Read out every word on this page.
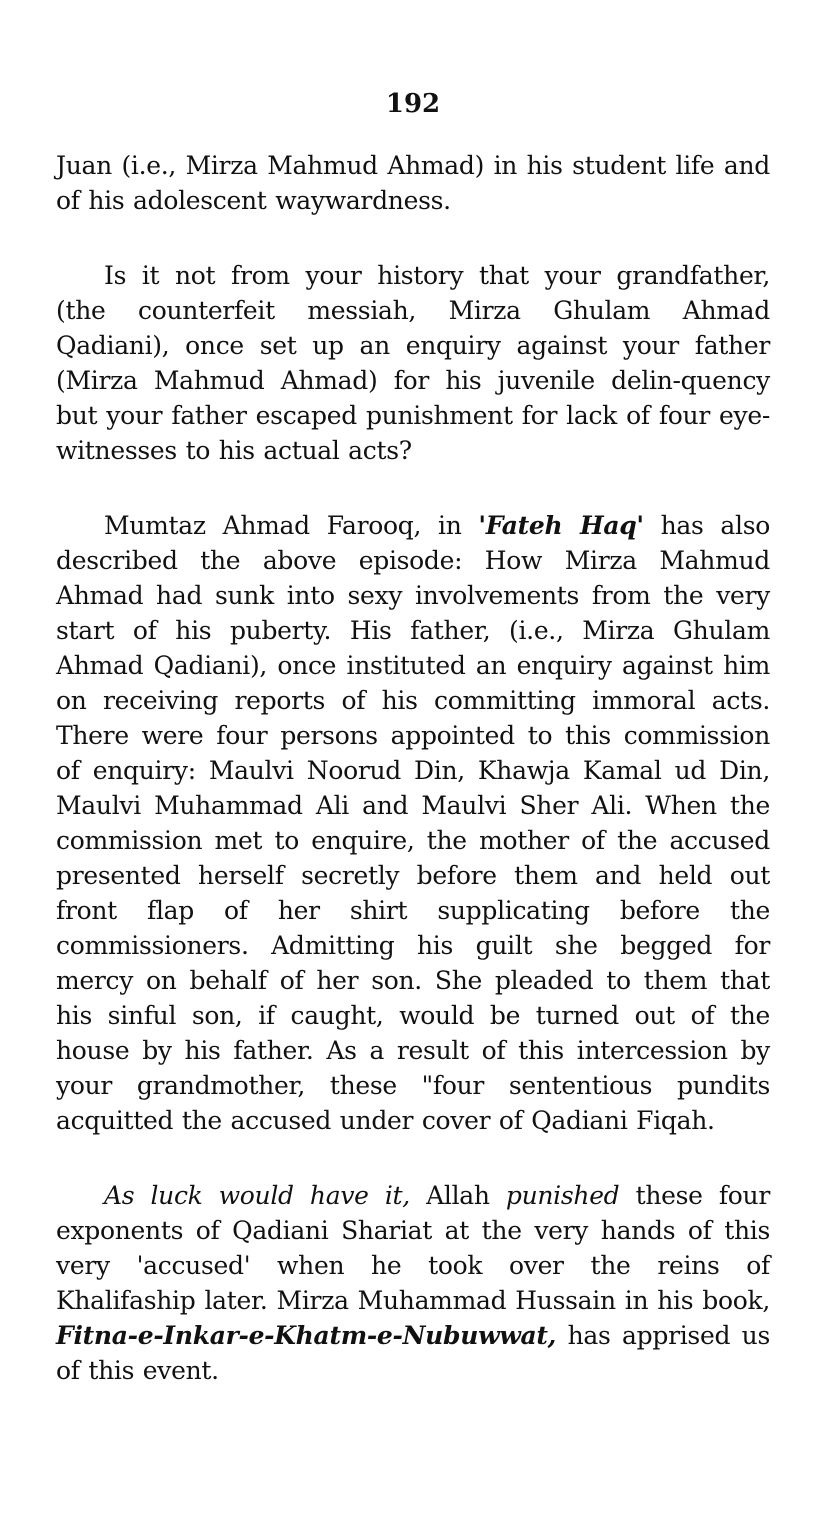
192

Juan (i.e., Mirza Mahmud Ahmad) in his student life and of his adolescent waywardness.

Is it not from your history that your grandfather, (the counterfeit messiah, Mirza Ghulam Ahmad Qadiani), once set up an enquiry against your father (Mirza Mahmud Ahmad) for his juvenile delin-quency but your father escaped punishment for lack of four eye-witnesses to his actual acts?

Mumtaz Ahmad Farooq, in 'Fateh Haq' has also described the above episode: How Mirza Mahmud Ahmad had sunk into sexy involvements from the very start of his puberty. His father, (i.e., Mirza Ghulam Ahmad Qadiani), once instituted an enquiry against him on receiving reports of his committing immoral acts. There were four persons appointed to this commission of enquiry: Maulvi Noorud Din, Khawja Kamal ud Din, Maulvi Muhammad Ali and Maulvi Sher Ali. When the commission met to enquire, the mother of the accused presented herself secretly before them and held out front flap of her shirt supplicating before the commissioners. Admitting his guilt she begged for mercy on behalf of her son. She pleaded to them that his sinful son, if caught, would be turned out of the house by his father. As a result of this intercession by your grandmother, these "four sententious pundits acquitted the accused under cover of Qadiani Fiqah.

As luck would have it, Allah punished these four exponents of Qadiani Shariat at the very hands of this very 'accused' when he took over the reins of Khalifaship later. Mirza Muhammad Hussain in his book, Fitna-e-Inkar-e-Khatm-e-Nubuwwat, has apprised us of this event.
